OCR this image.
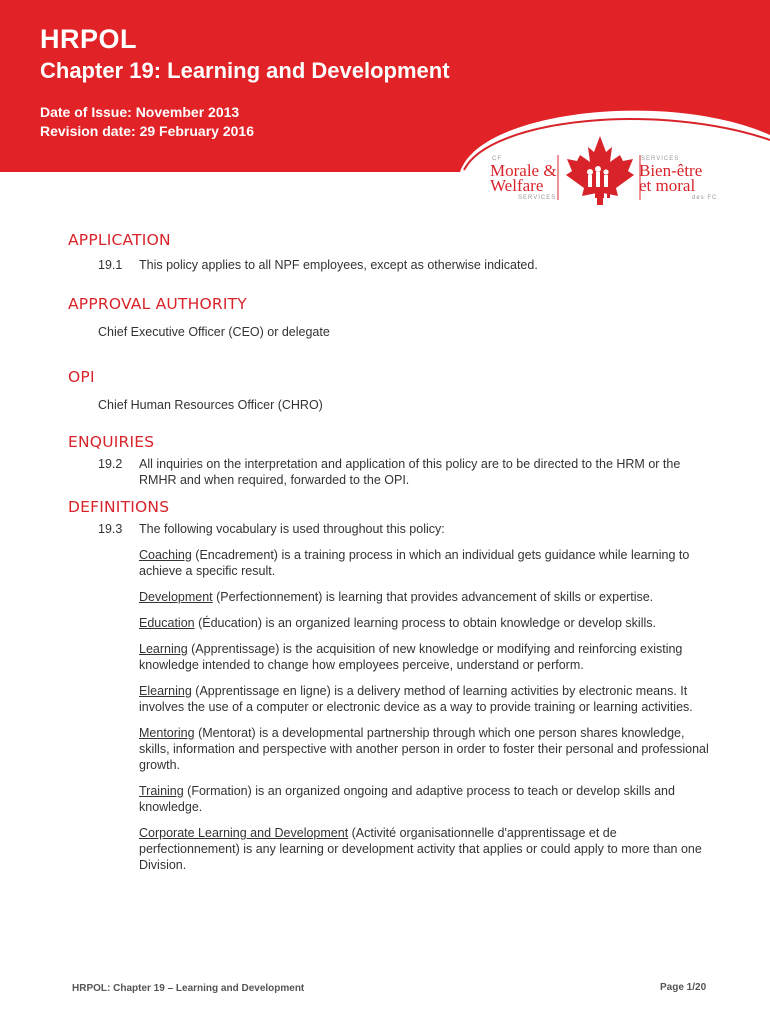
HRPOL
Chapter 19: Learning and Development
Date of Issue: November 2013
Revision date: 29 February 2016
CF
Morale &
Welfare
SERVICES
SERVICES
Bien-être
et moral
des FC
APPLICATION
19.1	This policy applies to all NPF employees, except as otherwise indicated.
APPROVAL AUTHORITY
Chief Executive Officer (CEO) or delegate
OPI
Chief Human Resources Officer (CHRO)
ENQUIRIES
19.2	All inquiries on the interpretation and application of this policy are to be directed to the HRM or the RMHR and when required, forwarded to the OPI.
DEFINITIONS
19.3	The following vocabulary is used throughout this policy:
Coaching (Encadrement) is a training process in which an individual gets guidance while learning to achieve a specific result.
Development (Perfectionnement) is learning that provides advancement of skills or expertise.
Education (Éducation) is an organized learning process to obtain knowledge or develop skills.
Learning (Apprentissage) is the acquisition of new knowledge or modifying and reinforcing existing knowledge intended to change how employees perceive, understand or perform.
Elearning (Apprentissage en ligne) is a delivery method of learning activities by electronic means. It involves the use of a computer or electronic device as a way to provide training or learning activities.
Mentoring (Mentorat) is a developmental partnership through which one person shares knowledge, skills, information and perspective with another person in order to foster their personal and professional growth.
Training (Formation) is an organized ongoing and adaptive process to teach or develop skills and knowledge.
Corporate Learning and Development (Activité organisationnelle d'apprentissage et de perfectionnement) is any learning or development activity that applies or could apply to more than one Division.
HRPOL: Chapter 19 – Learning and Development	Page 1/20
